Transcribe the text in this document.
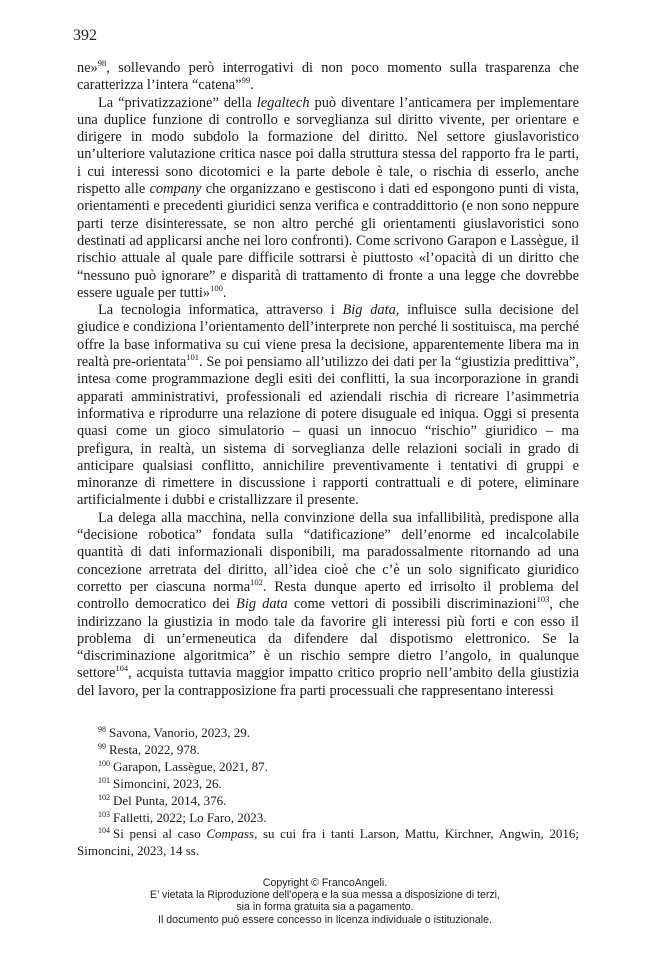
392

ne»$^{98}$, sollevando però interrogativi di non poco momento sulla trasparenza che caratterizza l’intera “catena”$^{99}$.

La “privatizzazione” della legaltech può diventare l’anticamera per implementare una duplice funzione di controllo e sorveglianza sul diritto vivente, per orientare e dirigere in modo subdolo la formazione del diritto. Nel settore giuslavoristico un’ulteriore valutazione critica nasce poi dalla struttura stessa del rapporto fra le parti, i cui interessi sono dicotomici e la parte debole è tale, o rischia di esserlo, anche rispetto alle company che organizzano e gestiscono i dati ed espongono punti di vista, orientamenti e precedenti giuridici senza verifica e contraddittorio (e non sono neppure parti terze disinteressate, se non altro perché gli orientamenti giuslavoristici sono destinati ad applicarsi anche nei loro confronti). Come scrivono Garapon e Lassègue, il rischio attuale al quale pare difficile sottrarsi è piuttosto «l’opacità di un diritto che “nessuno può ignorare” e disparità di trattamento di fronte a una legge che dovrebbe essere uguale per tutti»$^{100}$.

La tecnologia informatica, attraverso i Big data, influisce sulla decisione del giudice e condiziona l’orientamento dell’interprete non perché li sostituisca, ma perché offre la base informativa su cui viene presa la decisione, apparentemente libera ma in realtà pre-orientata$^{101}$. Se poi pensiamo all’utilizzo dei dati per la “giustizia predittiva”, intesa come programmazione degli esiti dei conflitti, la sua incorporazione in grandi apparati amministrativi, professionali ed aziendali rischia di ricreare l’asimmetria informativa e riprodurre una relazione di potere disuguale ed iniqua. Oggi si presenta quasi come un gioco simulatorio – quasi un innocuo “rischio” giuridico – ma prefigura, in realtà, un sistema di sorveglianza delle relazioni sociali in grado di anticipare qualsiasi conflitto, annichilire preventivamente i tentativi di gruppi e minoranze di rimettere in discussione i rapporti contrattuali e di potere, eliminare artificialmente i dubbi e cristallizzare il presente.

La delega alla macchina, nella convinzione della sua infallibilità, predispone alla “decisione robotica” fondata sulla “datificazione” dell’enorme ed incalcolabile quantità di dati informazionali disponibili, ma paradossalmente ritornando ad una concezione arretrata del diritto, all’idea cioè che c’è un solo significato giuridico corretto per ciascuna norma$^{102}$. Resta dunque aperto ed irrisolto il problema del controllo democratico dei Big data come vettori di possibili discriminazioni$^{103}$, che indirizzano la giustizia in modo tale da favorire gli interessi più forti e con esso il problema di un’ermeneutica da difendere dal dispotismo elettronico. Se la “discriminazione algoritmica” è un rischio sempre dietro l’angolo, in qualunque settore$^{104}$, acquista tuttavia maggior impatto critico proprio nell’ambito della giustizia del lavoro, per la contrapposizione fra parti processuali che rappresentano interessi

$^{98}$ Savona, Vanorio, 2023, 29.

$^{99}$ Resta, 2022, 978.

$^{100}$ Garapon, Lassègue, 2021, 87.

$^{101}$ Simoncini, 2023, 26.

$^{102}$ Del Punta, 2014, 376.

$^{103}$ Falletti, 2022; Lo Faro, 2023.

$^{104}$ Si pensi al caso Compass, su cui fra i tanti Larson, Mattu, Kirchner, Angwin, 2016; Simoncini, 2023, 14 ss.

Copyright © FrancoAngeli.
E’ vietata la Riproduzione dell’opera e la sua messa a disposizione di terzi,
sia in forma gratuita sia a pagamento.
Il documento può essere concesso in licenza individuale o istituzionale.
